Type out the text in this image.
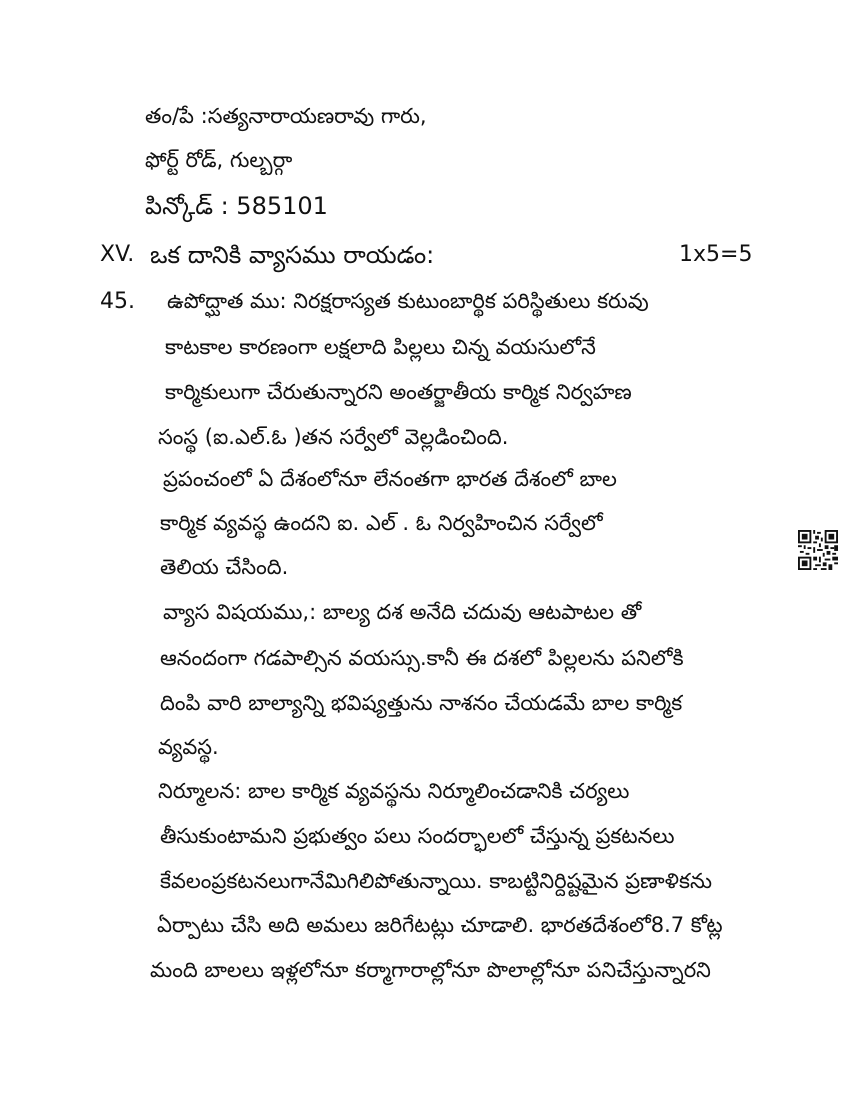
తం/పే :సత్యనారాయణరావు గారు,
ఫోర్ట్ రోడ్, గుల్బర్గా
పిన్కోడ్ : 585101
XV. ఒక దానికి వ్యాసము రాయడం:	1x5=5
45. ఉపోద్ఘాత ము: నిరక్షరాస్యత కుటుంబార్థిక పరిస్థితులు కరువు
కాటకాల కారణంగా లక్షలాది పిల్లలు చిన్న వయసులోనే
కార్మికులుగా చేరుతున్నారని అంతర్జాతీయ కార్మిక నిర్వహణ
సంస్థ (ఐ.ఎల్.ఓ )తన సర్వేలో వెల్లడించింది.
ప్రపంచంలో ఏ దేశంలోనూ లేనంతగా భారత దేశంలో బాల
కార్మిక వ్యవస్థ ఉందని ఐ. ఎల్ . ఓ నిర్వహించిన సర్వేలో
తెలియ చేసింది.
వ్యాస విషయము,: బాల్య దశ అనేది చదువు ఆటపాటల తో
ఆనందంగా గడపాల్సిన వయస్సు.కానీ ఈ దశలో పిల్లలను పనిలోకి
దింపి వారి బాల్యాన్ని భవిష్యత్తును నాశనం చేయడమే బాల కార్మిక
వ్యవస్థ.
నిర్మూలన: బాల కార్మిక వ్యవస్థను నిర్మూలించడానికి చర్యలు
తీసుకుంటామని ప్రభుత్వం పలు సందర్భాలలో చేస్తున్న ప్రకటనలు
కేవలంప్రకటనలుగానేమిగిలిపోతున్నాయి. కాబట్టినిర్దిష్టమైన ప్రణాళికను
ఏర్పాటు చేసి అది అమలు జరిగేటట్లు చూడాలి. భారతదేశంలో8.7 కోట్ల
మంది బాలలు ఇళ్లలోనూ కర్మాగారాల్లోనూ పొలాల్లోనూ పనిచేస్తున్నారని
